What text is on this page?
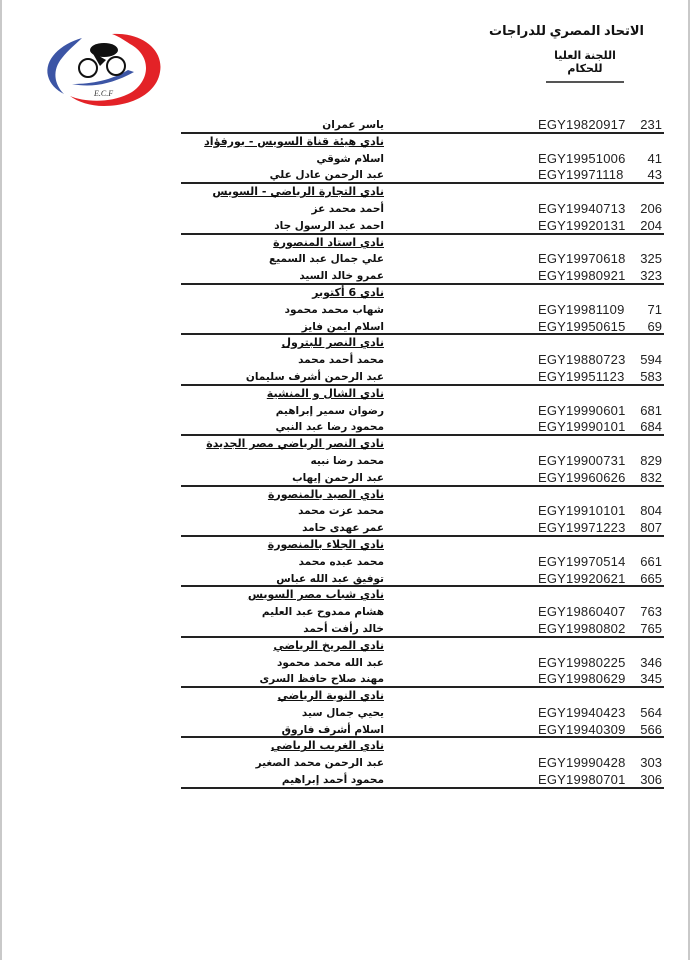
E.C.F
الاتحاد المصري للدراجات
اللجنة العليا للحكام
ياسر عمران	EGY19820917	231
نادي هيئة قناة السويس - بورفؤاد
اسلام شوقي	EGY19951006	41
عبد الرحمن عادل علي	EGY19971118	43
نادي التجارة الرياضي - السويس
أحمد محمد عز	EGY19940713	206
احمد عبد الرسول جاد	EGY19920131	204
نادي استاد المنصورة
علي جمال عبد السميع	EGY19970618	325
عمرو خالد السيد	EGY19980921	323
نادي 6 أكتوبر
شهاب محمد محمود	EGY19981109	71
اسلام ايمن فايز	EGY19950615	69
نادي النصر للبترول
محمد أحمد محمد	EGY19880723	594
عبد الرحمن أشرف سليمان	EGY19951123	583
نادي الشال و المنشية
رضوان سمير إبراهيم	EGY19990601	681
محمود رضا عبد النبي	EGY19990101	684
نادي النصر الرياضي مصر الجديدة
محمد رضا نبيه	EGY19900731	829
عبد الرحمن إيهاب	EGY19960626	832
نادي الصيد بالمنصورة
محمد عزت محمد	EGY19910101	804
عمر عهدى حامد	EGY19971223	807
نادي الجلاء بالمنصورة
محمد عبده محمد	EGY19970514	661
توفيق عبد الله عباس	EGY19920621	665
نادي شباب مصر السويس
هشام ممدوح عبد العليم	EGY19860407	763
خالد رأفت أحمد	EGY19980802	765
نادي المريخ الرياضي
عبد الله محمد محمود	EGY19980225	346
مهند صلاح حافظ السرى	EGY19980629	345
نادي النوبة الرياضي
يحيي جمال سيد	EGY19940423	564
اسلام أشرف فاروق	EGY19940309	566
نادي الغريب الرياضي
عبد الرحمن محمد الصغير	EGY19990428	303
محمود أحمد إبراهيم	EGY19980701	306
